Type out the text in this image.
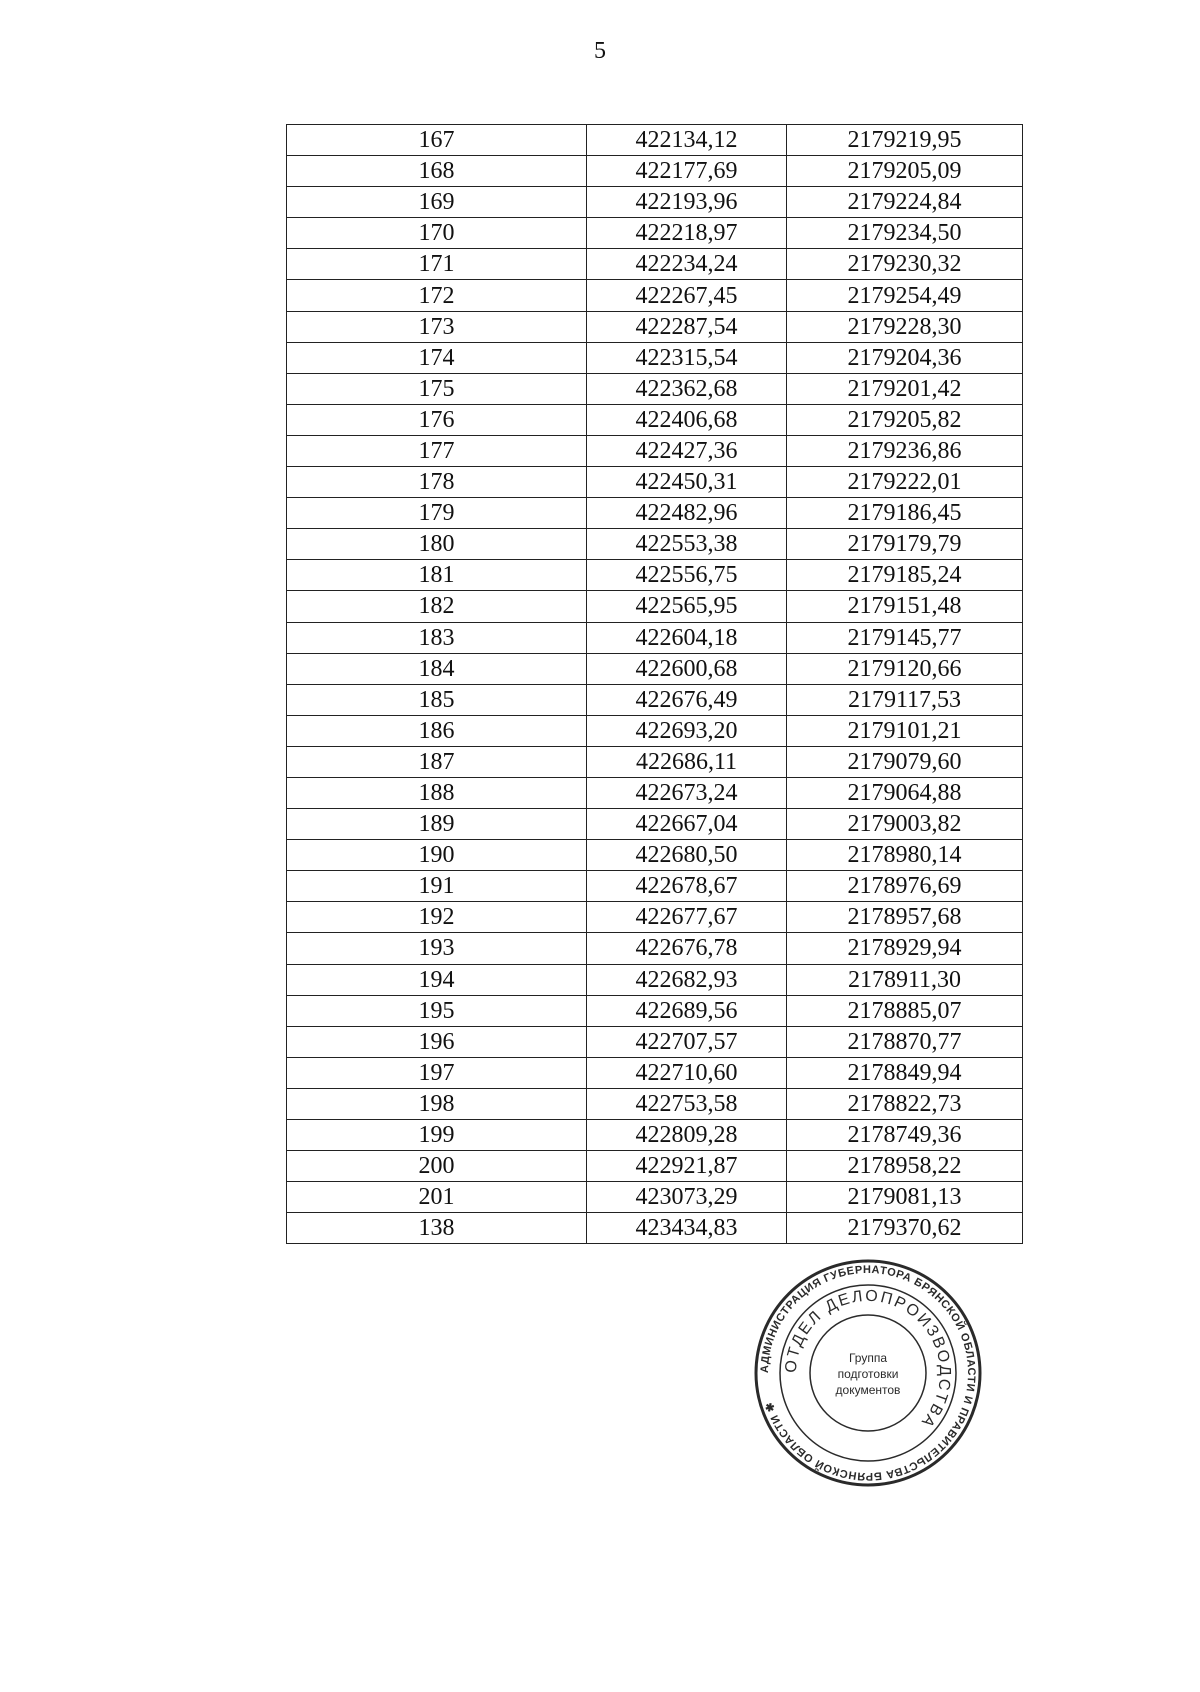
5
167	422134,12	2179219,95
168	422177,69	2179205,09
169	422193,96	2179224,84
170	422218,97	2179234,50
171	422234,24	2179230,32
172	422267,45	2179254,49
173	422287,54	2179228,30
174	422315,54	2179204,36
175	422362,68	2179201,42
176	422406,68	2179205,82
177	422427,36	2179236,86
178	422450,31	2179222,01
179	422482,96	2179186,45
180	422553,38	2179179,79
181	422556,75	2179185,24
182	422565,95	2179151,48
183	422604,18	2179145,77
184	422600,68	2179120,66
185	422676,49	2179117,53
186	422693,20	2179101,21
187	422686,11	2179079,60
188	422673,24	2179064,88
189	422667,04	2179003,82
190	422680,50	2178980,14
191	422678,67	2178976,69
192	422677,67	2178957,68
193	422676,78	2178929,94
194	422682,93	2178911,30
195	422689,56	2178885,07
196	422707,57	2178870,77
197	422710,60	2178849,94
198	422753,58	2178822,73
199	422809,28	2178749,36
200	422921,87	2178958,22
201	423073,29	2179081,13
138	423434,83	2179370,62
АДМИНИСТРАЦИЯ ГУБЕРНАТОРА БРЯНСКОЙ ОБЛАСТИ И ПРАВИТЕЛЬСТВА БРЯНСКОЙ ОБЛАСТИ ✱
ОТДЕЛ ДЕЛОПРОИЗВОДСТВА
Группа
подготовки
документов
